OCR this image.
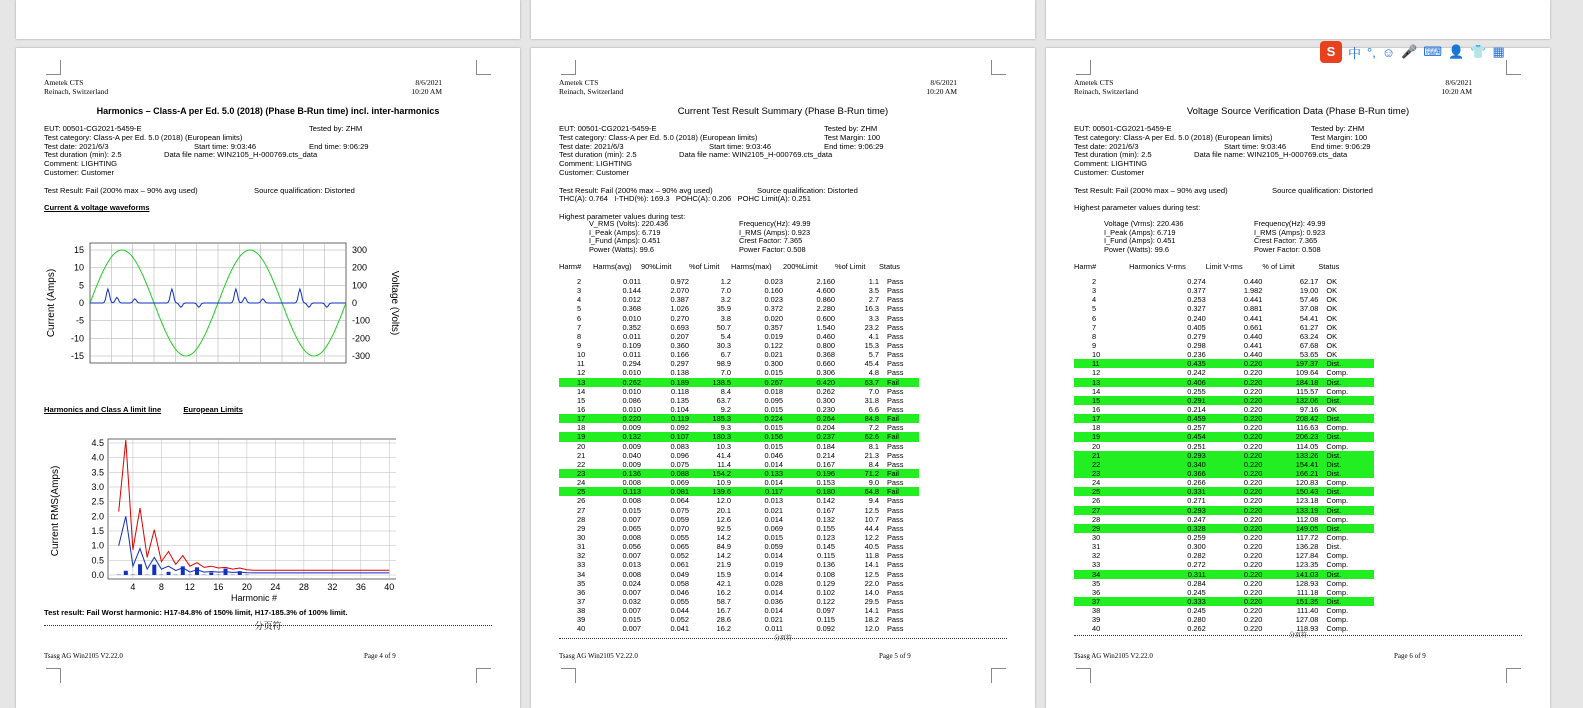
Ametek CTS
Reinach, Switzerland
8/6/2021
10:20 AM
Harmonics – Class-A per Ed. 5.0 (2018) (Phase B-Run time) incl. inter-harmonics
EUT: 00501-CG2021-5459-E	Tested by: ZHM

Test category: Class-A per Ed. 5.0 (2018) (European limits)
Test date: 2021/6/3	Start time: 9:03:46	End time: 9:06:29

Test duration (min): 2.5	Data file name: WIN2105_H-000769.cts_data

Comment: LIGHTING
Customer: Customer

Test Result: Fail (200% max – 90% avg used)	Source qualification: Distorted

Current & voltage waveforms
15	300
10	200
5	100
0	0
-5	-100
-10	-200
-15	-300
Current (Amps)	Voltage (Volts)
Harmonics and Class A limit line	European Limits
4.5
4.0
3.5
3.0
2.5
2.0
1.5
1.0
0.5
0.0
4	8 12 16 20 24 28 32 36 40
Harmonic #
Current RMS(Amps)
Test result: Fail Worst harmonic: H17-84.8% of 150% limit, H17-185.3% of 100% limit.
分页符
Tsasg AG Win2105 V2.22.0	Page 4 of 9
Ametek CTS
Reinach, Switzerland
8/6/2021
10:20 AM
Current Test Result Summary (Phase B-Run time)
EUT: 00501-CG2021-5459-E	Tested by: ZHM

Test category: Class-A per Ed. 5.0 (2018) (European limits)	Test Margin: 100

Test date: 2021/6/3	Start time: 9:03:46	End time: 9:06:29

Test duration (min): 2.5	Data file name: WIN2105_H-000769.cts_data

Comment: LIGHTING
Customer: Customer

Test Result: Fail (200% max – 90% avg used)	Source qualification: Distorted

THC(A): 0.764   I-THD(%): 169.3   POHC(A): 0.206   POHC Limit(A): 0.251

Highest parameter values during test:
V_RMS (Volts): 220.436	Frequency(Hz): 49.99
I_Peak (Amps): 6.719	I_RMS (Amps): 0.923
I_Fund (Amps): 0.451	Crest Factor: 7.365
Power (Watts): 99.6	Power Factor: 0.508
Harm#	Harms(avg)	90%Limit	%of Limit	Harms(max)	200%Limit	%of Limit	Status

2	0.011	0.972	1.2	0.023	2.160	1.1	Pass
3	0.144	2.070	7.0	0.160	4.600	3.5	Pass
4	0.012	0.387	3.2	0.023	0.860	2.7	Pass
5	0.368	1.026	35.9	0.372	2.280	16.3	Pass
6	0.010	0.270	3.8	0.020	0.600	3.3	Pass
7	0.352	0.693	50.7	0.357	1.540	23.2	Pass
8	0.011	0.207	5.4	0.019	0.460	4.1	Pass
9	0.109	0.360	30.3	0.122	0.800	15.3	Pass
10	0.011	0.166	6.7	0.021	0.368	5.7	Pass
11	0.294	0.297	98.9	0.300	0.660	45.4	Pass
12	0.010	0.138	7.0	0.015	0.306	4.8	Pass
13	0.262	0.189	138.5	0.267	0.420	63.7	Fail
14	0.010	0.118	8.4	0.018	0.262	7.0	Pass
15	0.086	0.135	63.7	0.095	0.300	31.8	Pass
16	0.010	0.104	9.2	0.015	0.230	6.6	Pass
17	0.220	0.119	185.3	0.224	0.264	84.8	Fail
18	0.009	0.092	9.3	0.015	0.204	7.2	Pass
19	0.132	0.107	180.3	0.156	0.237	62.6	Fail
20	0.009	0.083	10.3	0.015	0.184	8.1	Pass
21	0.040	0.096	41.4	0.046	0.214	21.3	Pass
22	0.009	0.075	11.4	0.014	0.167	8.4	Pass
23	0.136	0.088	154.2	0.133	0.196	71.2	Fail
24	0.008	0.069	10.9	0.014	0.153	9.0	Pass
25	0.113	0.081	139.6	0.117	0.180	64.8	Fail
26	0.008	0.064	12.0	0.013	0.142	9.4	Pass
27	0.015	0.075	20.1	0.021	0.167	12.5	Pass
28	0.007	0.059	12.6	0.014	0.132	10.7	Pass
29	0.065	0.070	92.5	0.069	0.155	44.4	Pass
30	0.008	0.055	14.2	0.015	0.123	12.2	Pass
31	0.056	0.065	84.9	0.059	0.145	40.5	Pass
32	0.007	0.052	14.2	0.014	0.115	11.8	Pass
33	0.013	0.061	21.9	0.019	0.136	14.1	Pass
34	0.008	0.049	15.9	0.014	0.108	12.5	Pass
35	0.024	0.058	42.1	0.028	0.129	22.0	Pass
36	0.007	0.046	16.2	0.014	0.102	14.0	Pass
37	0.032	0.055	58.7	0.036	0.122	29.5	Pass
38	0.007	0.044	16.7	0.014	0.097	14.1	Pass
39	0.015	0.052	28.6	0.021	0.115	18.2	Pass
40	0.007	0.041	16.2	0.011	0.092	12.0	Pass
分页符
Tsasg AG Win2105 V2.22.0	Page 5 of 9
Ametek CTS
Reinach, Switzerland
8/6/2021
10:20 AM
Voltage Source Verification Data (Phase B-Run time)
EUT: 00501-CG2021-5459-E	Tested by: ZHM

Test category: Class-A per Ed. 5.0 (2018) (European limits)	Test Margin: 100

Test date: 2021/6/3	Start time: 9:03:46	End time: 9:06:29

Test duration (min): 2.5	Data file name: WIN2105_H-000769.cts_data

Comment: LIGHTING
Customer: Customer

Test Result: Fail (200% max – 90% avg used)	Source qualification: Distorted

Highest parameter values during test:
Voltage (Vrms): 220.436	Frequency(Hz): 49.99
I_Peak (Amps): 6.719	I_RMS (Amps): 0.923
I_Fund (Amps): 0.451	Crest Factor: 7.365
Power (Watts): 99.6	Power Factor: 0.508
Harm#	Harmonics V-rms	Limit V-rms	% of Limit	Status

2	0.274	0.440	62.17	OK
3	0.377	1.982	19.00	OK
4	0.253	0.441	57.46	OK
5	0.327	0.881	37.08	OK
6	0.240	0.441	54.41	OK
7	0.405	0.661	61.27	OK
8	0.279	0.440	63.24	OK
9	0.298	0.441	67.68	OK
10	0.236	0.440	53.65	OK
11	0.435	0.220	197.37	Dist.
12	0.242	0.220	109.64	Comp.
13	0.406	0.220	184.18	Dist.
14	0.255	0.220	115.57	Comp.
15	0.291	0.220	132.06	Dist.
16	0.214	0.220	97.16	OK
17	0.459	0.220	208.42	Dist.
18	0.257	0.220	116.63	Comp.
19	0.454	0.220	206.23	Dist.
20	0.251	0.220	114.05	Comp.
21	0.293	0.220	133.26	Dist.
22	0.340	0.220	154.41	Dist.
23	0.366	0.220	166.21	Dist.
24	0.266	0.220	120.83	Comp.
25	0.331	0.220	150.43	Dist.
26	0.271	0.220	123.18	Comp.
27	0.293	0.220	133.19	Dist.
28	0.247	0.220	112.08	Comp.
29	0.328	0.220	149.05	Dist.
30	0.259	0.220	117.72	Comp.
31	0.300	0.220	136.28	Dist.
32	0.282	0.220	127.84	Comp.
33	0.272	0.220	123.35	Comp.
34	0.311	0.220	141.03	Dist.
35	0.284	0.220	128.93	Comp.
36	0.245	0.220	111.18	Comp.
37	0.333	0.220	151.35	Dist.
38	0.245	0.220	111.40	Comp.
39	0.280	0.220	127.08	Comp.
40	0.262	0.220	118.93	Comp.
分页符
Tsasg AG Win2105 V2.22.0	Page 6 of 9
S 中 °, ☺ 🎤 ⌨ 👤 👕 ▦
